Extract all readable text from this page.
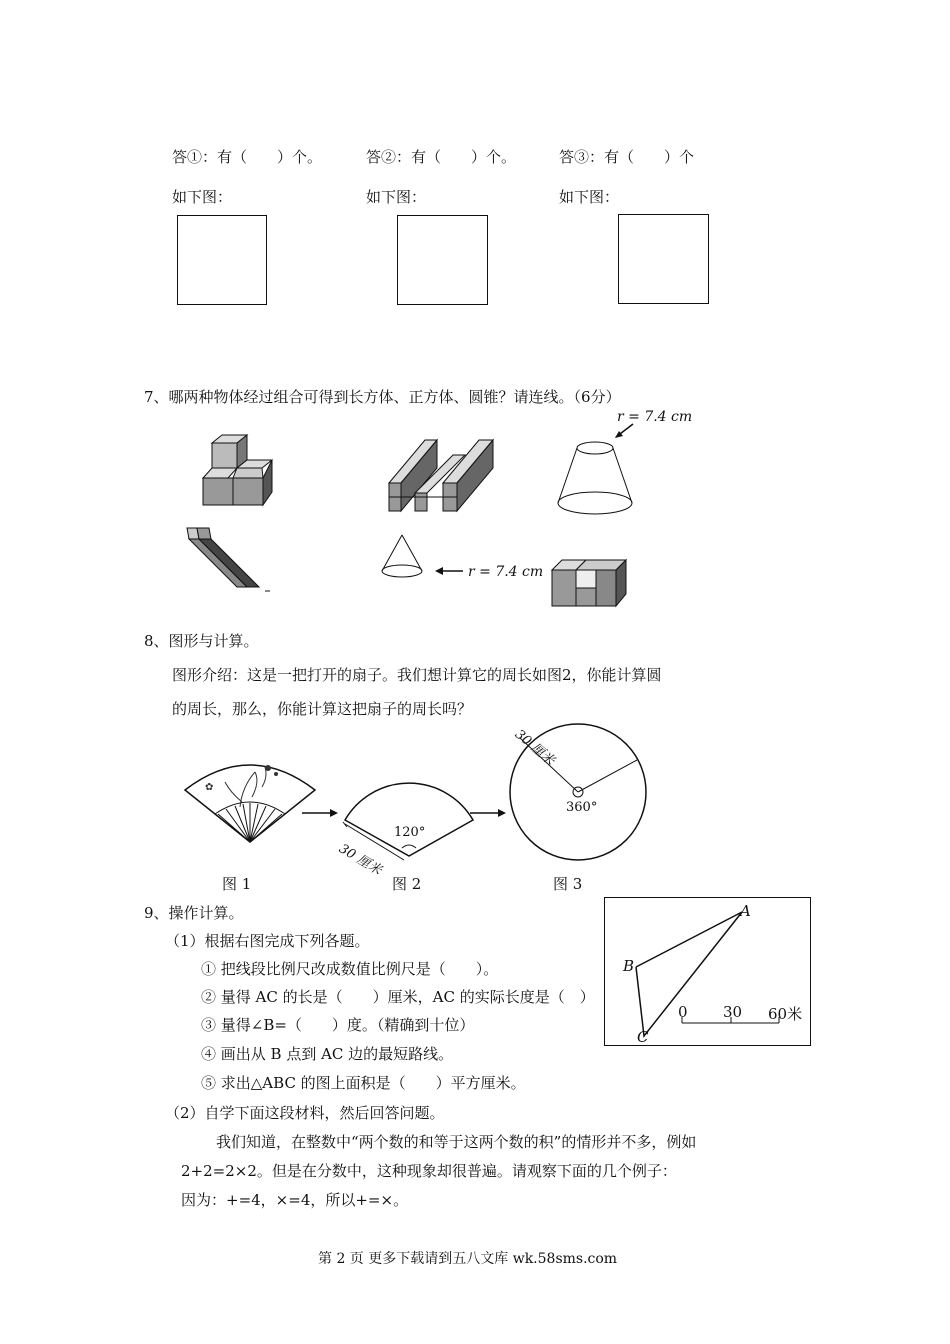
答①：有（　　）个。	答②：有（　　）个。	答③：有（　　）个
如下图：	如下图：	如下图：
7、哪两种物体经过组合可得到长方体、正方体、圆锥？请连线。（6分）
r = 7.4 cm
r = 7.4 cm
8、图形与计算。
图形介绍：这是一把打开的扇子。我们想计算它的周长如图2，你能计算圆
的周长，那么，你能计算这把扇子的周长吗？
✿
120°
30 厘米
30 厘米
360°
图 1	图 2	图 3
9、操作计算。
（1）根据右图完成下列各题。
① 把线段比例尺改成数值比例尺是（　　）。
② 量得 AC 的长是（　　）厘米，AC 的实际长度是（　）
③ 量得∠B=（　　）度。（精确到十位）
④ 画出从 B 点到 AC 边的最短路线。
⑤ 求出△ABC 的图上面积是（　　）平方厘米。
A
B
C
0 30 60米
（2）自学下面这段材料，然后回答问题。
我们知道，在整数中“两个数的和等于这两个数的积”的情形并不多，例如
2+2=2×2。但是在分数中，这种现象却很普遍。请观察下面的几个例子：
因为：+=4，×=4，所以+=×。
第 2 页 更多下载请到五八文库 wk.58sms.com
